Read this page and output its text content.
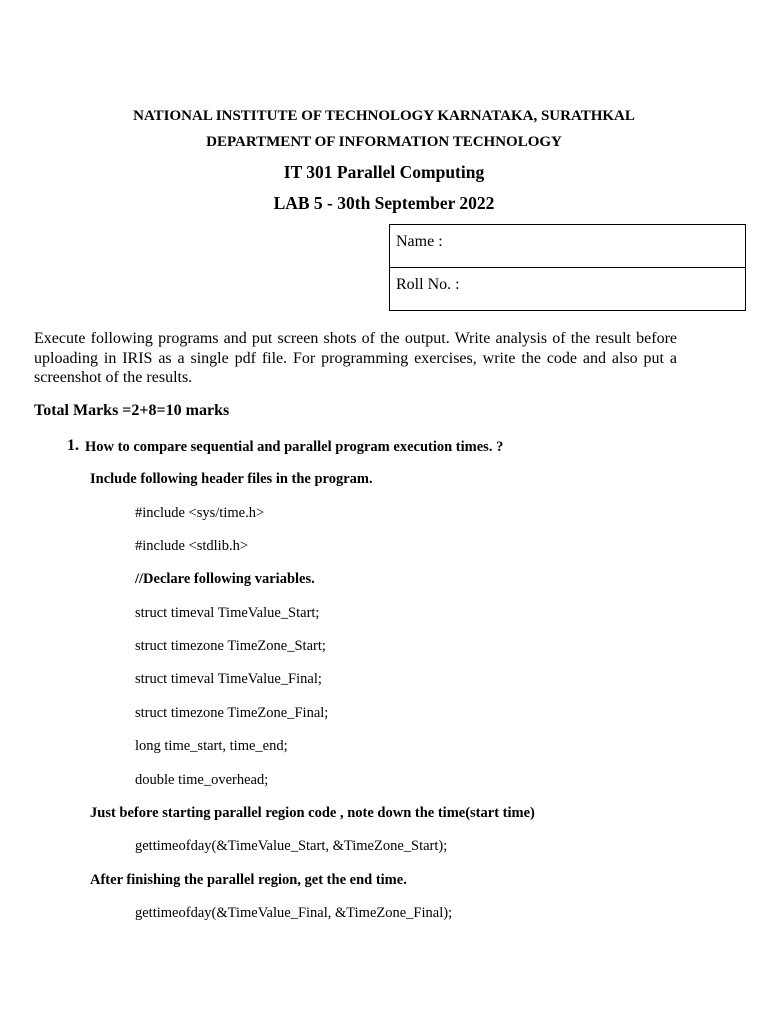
NATIONAL INSTITUTE OF TECHNOLOGY KARNATAKA, SURATHKAL
DEPARTMENT OF INFORMATION TECHNOLOGY
IT 301 Parallel Computing
LAB 5 - 30th September 2022
Name :

Roll No. :
Execute following programs and put screen shots of the output. Write analysis of the result before
uploading in IRIS as a single pdf file. For programming exercises, write the code and also put a
screenshot of the results.
Total Marks =2+8=10 marks
1. How to compare sequential and parallel program execution times. ?
Include following header files in the program.
#include <sys/time.h>
#include <stdlib.h>
//Declare following variables.
struct timeval TimeValue_Start;
struct timezone TimeZone_Start;
struct timeval TimeValue_Final;
struct timezone TimeZone_Final;
long time_start, time_end;
double time_overhead;
Just before starting parallel region code , note down the time(start time)
gettimeofday(&TimeValue_Start, &TimeZone_Start);
After finishing the parallel region, get the end time.
gettimeofday(&TimeValue_Final, &TimeZone_Final);
